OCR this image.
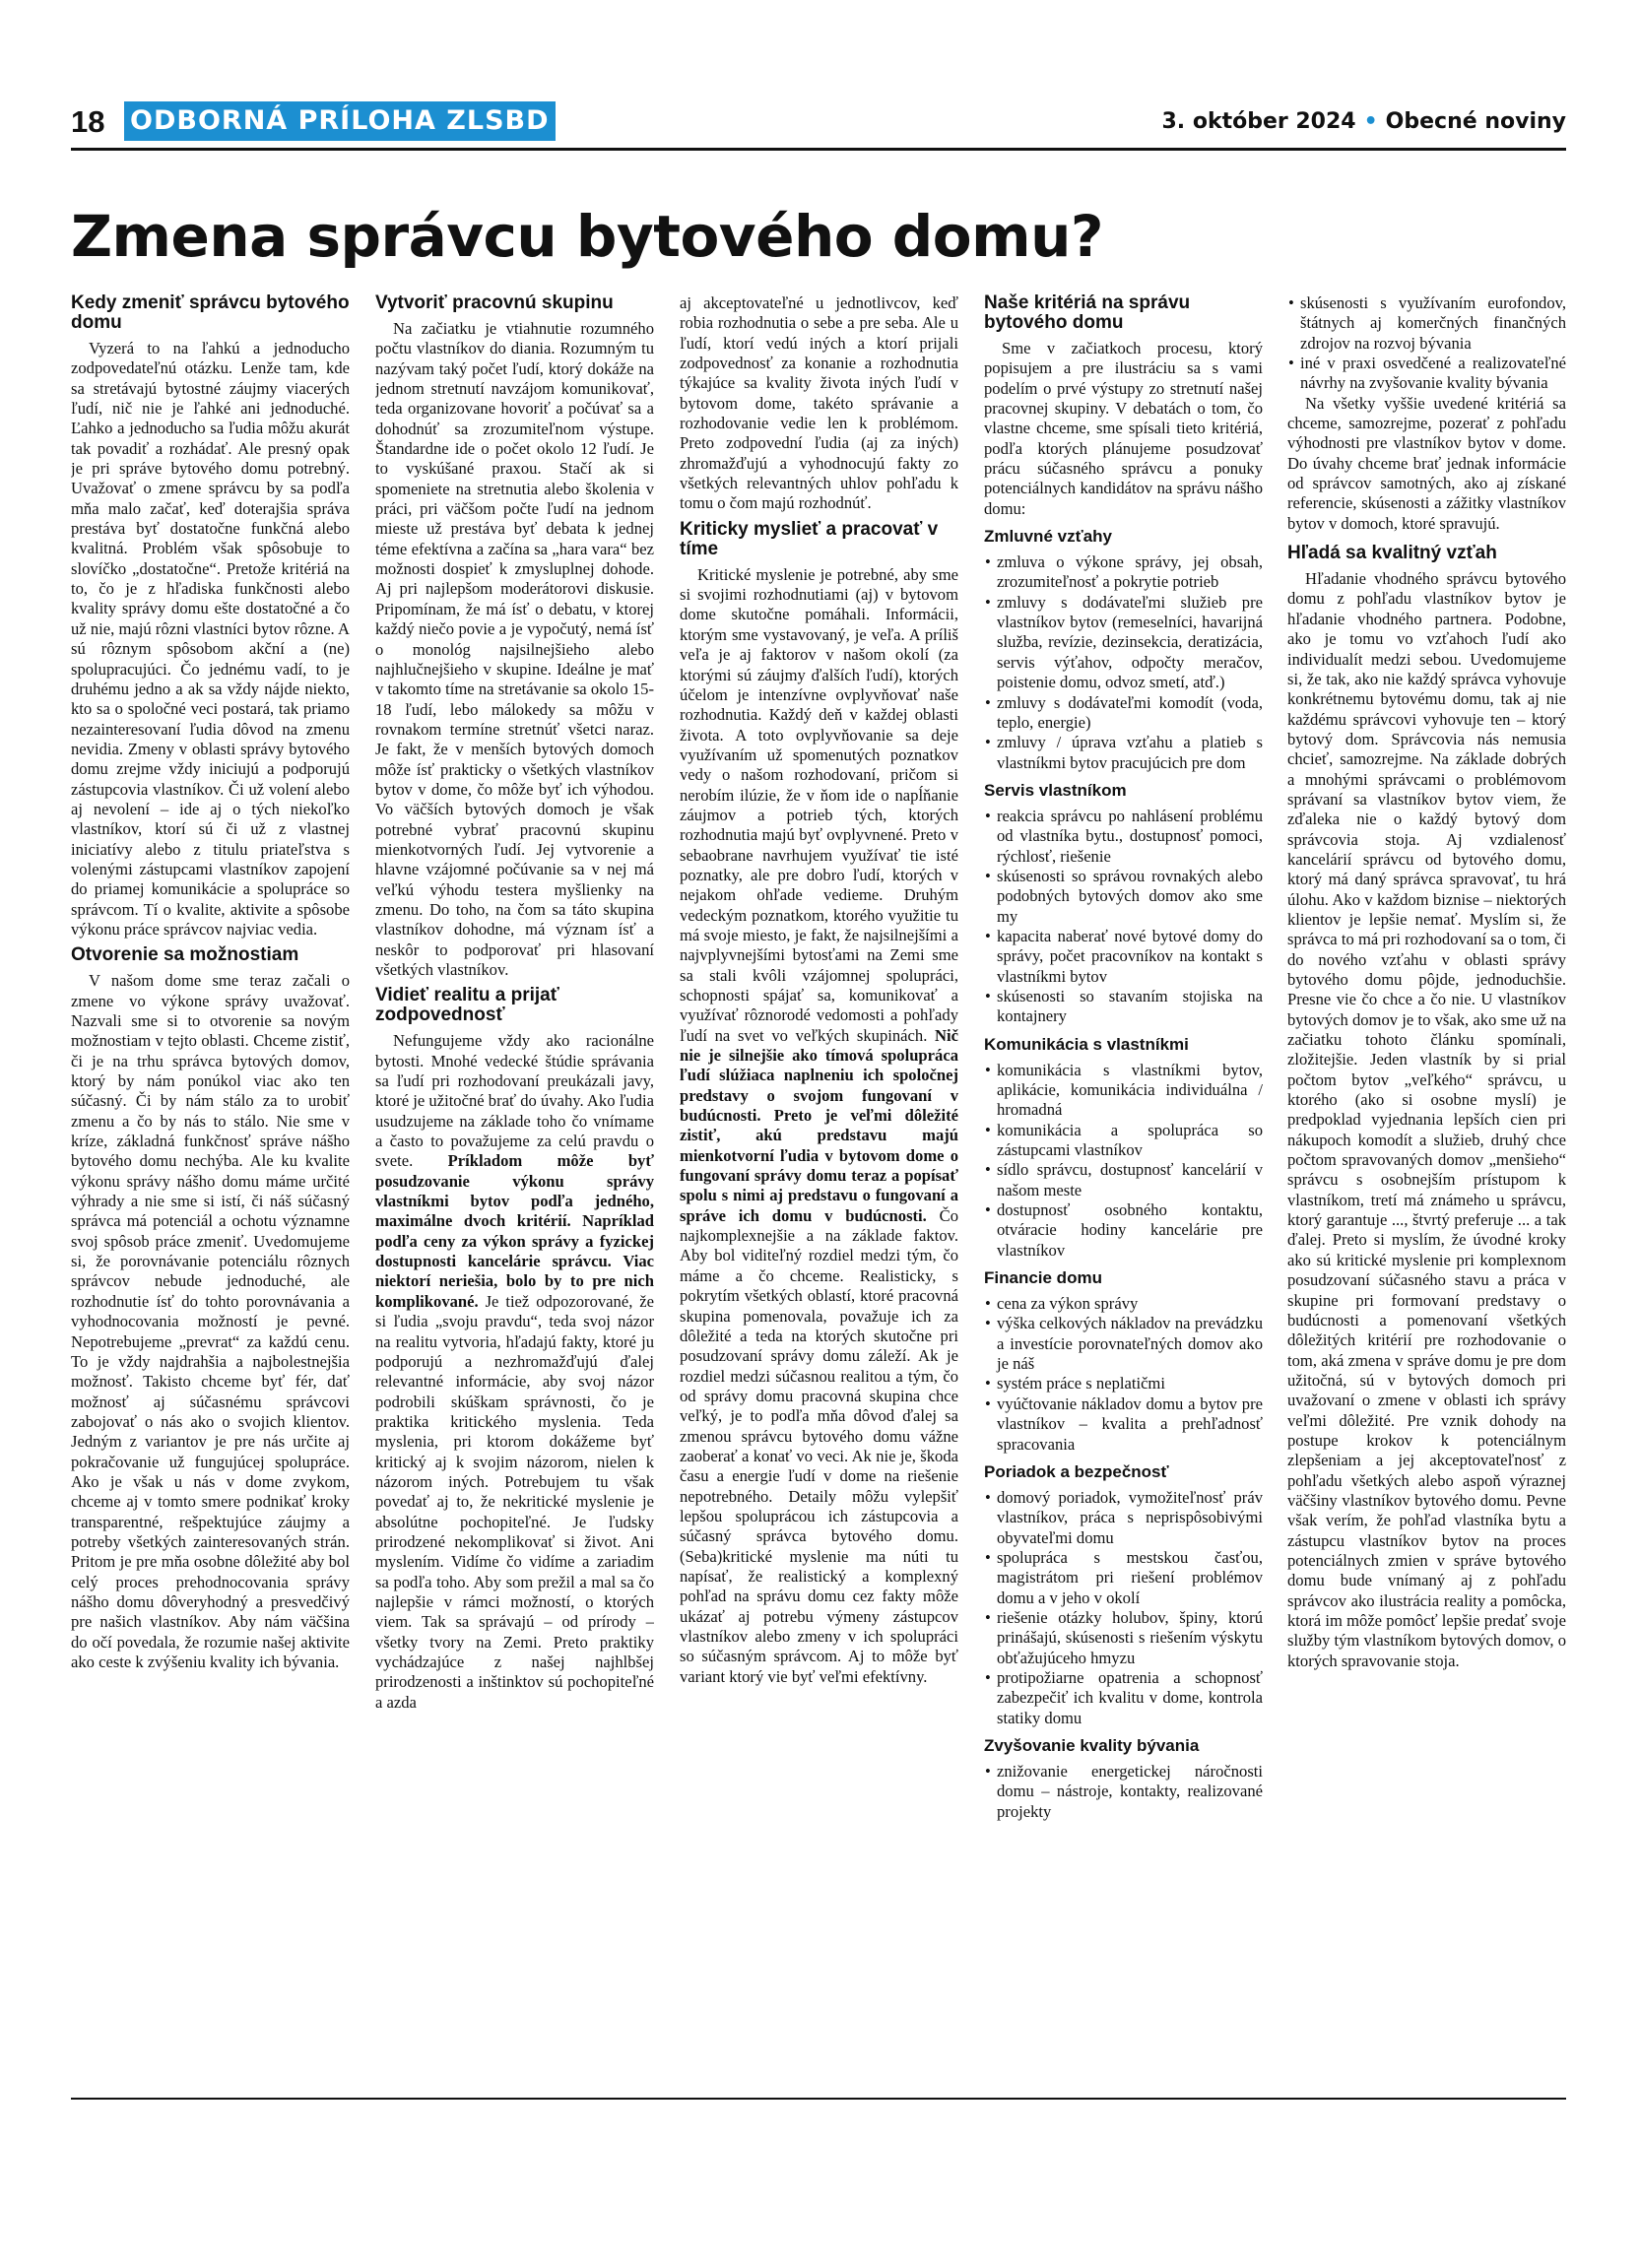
18 ODBORNÁ PRÍLOHA ZLSBD	3. október 2024 • Obecné noviny
Zmena správcu bytového domu?
Kedy zmeniť správcu bytového domu

Vyzerá to na ľahkú a jednoducho zodpovedateľnú otázku. Lenže tam, kde sa stretávajú bytostné záujmy viacerých ľudí, nič nie je ľahké ani jednoduché. Ľahko a jednoducho sa ľudia môžu akurát tak povadiť a rozhádať. Ale presný opak je pri správe bytového domu potrebný. Uvažovať o zmene správcu by sa podľa mňa malo začať, keď doterajšia správa prestáva byť dostatočne funkčná alebo kvalitná. Problém však spôsobuje to slovíčko „dostatočne“. Pretože kritériá na to, čo je z hľadiska funkčnosti alebo kvality správy domu ešte dostatočné a čo už nie, majú rôzni vlastníci bytov rôzne. A sú rôznym spôsobom akční a (ne) spolupracujúci. Čo jednému vadí, to je druhému jedno a ak sa vždy nájde niekto, kto sa o spoločné veci postará, tak priamo nezainteresovaní ľudia dôvod na zmenu nevidia. Zmeny v oblasti správy bytového domu zrejme vždy iniciujú a podporujú zástupcovia vlastníkov. Či už volení alebo aj nevolení – ide aj o tých niekoľko vlastníkov, ktorí sú či už z vlastnej iniciatívy alebo z titulu priateľstva s volenými zástupcami vlastníkov zapojení do priamej komunikácie a spolupráce so správcom. Tí o kvalite, aktivite a spôsobe výkonu práce správcov najviac vedia.

Otvorenie sa možnostiam

V našom dome sme teraz začali o zmene vo výkone správy uvažovať. Nazvali sme si to otvorenie sa novým možnostiam v tejto oblasti. Chceme zistiť, či je na trhu správca bytových domov, ktorý by nám ponúkol viac ako ten súčasný. Či by nám stálo za to urobiť zmenu a čo by nás to stálo. Nie sme v kríze, základná funkčnosť správe nášho bytového domu nechýba. Ale ku kvalite výkonu správy nášho domu máme určité výhrady a nie sme si istí, či náš súčasný správca má potenciál a ochotu významne svoj spôsob práce zmeniť. Uvedomujeme si, že porovnávanie potenciálu rôznych správcov nebude jednoduché, ale rozhodnutie ísť do tohto porovnávania a vyhodnocovania možností je pevné. Nepotrebujeme „prevrat“ za každú cenu. To je vždy najdrahšia a najbolestnejšia možnosť. Takisto chceme byť fér, dať možnosť aj súčasnému správcovi zabojovať o nás ako o svojich klientov. Jedným z variantov je pre nás určite aj pokračovanie už fungujúcej spolupráce. Ako je však u nás v dome zvykom, chceme aj v tomto smere podnikať kroky transparentné, rešpektujúce záujmy a potreby všetkých zainteresovaných strán. Pritom je pre mňa osobne dôležité aby bol celý proces prehodnocovania správy nášho domu dôveryhodný a presvedčivý pre našich vlastníkov. Aby nám väčšina do očí povedala, že rozumie našej aktivite ako ceste k zvýšeniu kvality ich bývania.

Vytvoriť pracovnú skupinu

Na začiatku je vtiahnutie rozumného počtu vlastníkov do diania. Rozumným tu nazývam taký počet ľudí, ktorý dokáže na jednom stretnutí navzájom komunikovať, teda organizovane hovoriť a počúvať sa a dohodnúť sa zrozumiteľnom výstupe. Štandardne ide o počet okolo 12 ľudí. Je to vyskúšané praxou. Stačí ak si spomeniete na stretnutia alebo školenia v práci, pri väčšom počte ľudí na jednom mieste už prestáva byť debata k jednej téme efektívna a začína sa „hara vara“ bez možnosti dospieť k zmysluplnej dohode. Aj pri najlepšom moderátorovi diskusie. Pripomínam, že má ísť o debatu, v ktorej každý niečo povie a je vypočutý, nemá ísť o monológ najsilnejšieho alebo najhlučnejšieho v skupine. Ideálne je mať v takomto tíme na stretávanie sa okolo 15-18 ľudí, lebo málokedy sa môžu v rovnakom termíne stretnúť všetci naraz. Je fakt, že v menších bytových domoch môže ísť prakticky o všetkých vlastníkov bytov v dome, čo môže byť ich výhodou. Vo väčších bytových domoch je však potrebné vybrať pracovnú skupinu mienkotvorných ľudí. Jej vytvorenie a hlavne vzájomné počúvanie sa v nej má veľkú výhodu testera myšlienky na zmenu. Do toho, na čom sa táto skupina vlastníkov dohodne, má význam ísť a neskôr to podporovať pri hlasovaní všetkých vlastníkov.

Vidieť realitu a prijať zodpovednosť

Nefungujeme vždy ako racionálne bytosti. Mnohé vedecké štúdie správania sa ľudí pri rozhodovaní preukázali javy, ktoré je užitočné brať do úvahy. Ako ľudia usudzujeme na základe toho čo vnímame a často to považujeme za celú pravdu o svete. Príkladom môže byť posudzovanie výkonu správy vlastníkmi bytov podľa jedného, maximálne dvoch kritérií. Napríklad podľa ceny za výkon správy a fyzickej dostupnosti kancelárie správcu. Viac niektorí neriešia, bolo by to pre nich komplikované. Je tiež odpozorované, že si ľudia „svoju pravdu“, teda svoj názor na realitu vytvoria, hľadajú fakty, ktoré ju podporujú a nezhromažďujú ďalej relevantné informácie, aby svoj názor podrobili skúškam správnosti, čo je praktika kritického myslenia. Teda myslenia, pri ktorom dokážeme byť kritický aj k svojim názorom, nielen k názorom iných. Potrebujem tu však povedať aj to, že nekritické myslenie je absolútne pochopiteľné. Je ľudsky prirodzené nekomplikovať si život. Ani myslením. Vidíme čo vidíme a zariadim sa podľa toho. Aby som prežil a mal sa čo najlepšie v rámci možností, o ktorých viem. Tak sa správajú – od prírody – všetky tvory na Zemi. Preto praktiky vychádzajúce z našej najhlbšej prirodzenosti a inštinktov sú pochopiteľné a azda

aj akceptovateľné u jednotlivcov, keď robia rozhodnutia o sebe a pre seba. Ale u ľudí, ktorí vedú iných a ktorí prijali zodpovednosť za konanie a rozhodnutia týkajúce sa kvality života iných ľudí v bytovom dome, takéto správanie a rozhodovanie vedie len k problémom. Preto zodpovední ľudia (aj za iných) zhromažďujú a vyhodnocujú fakty zo všetkých relevantných uhlov pohľadu k tomu o čom majú rozhodnúť.

Kriticky myslieť a pracovať v tíme

Kritické myslenie je potrebné, aby sme si svojimi rozhodnutiami (aj) v bytovom dome skutočne pomáhali. Informácii, ktorým sme vystavovaný, je veľa. A príliš veľa je aj faktorov v našom okolí (za ktorými sú záujmy ďalších ľudí), ktorých účelom je intenzívne ovplyvňovať naše rozhodnutia. Každý deň v každej oblasti života. A toto ovplyvňovanie sa deje využívaním už spomenutých poznatkov vedy o našom rozhodovaní, pričom si nerobím ilúzie, že v ňom ide o napĺňanie záujmov a potrieb tých, ktorých rozhodnutia majú byť ovplyvnené. Preto v sebaobrane navrhujem využívať tie isté poznatky, ale pre dobro ľudí, ktorých v nejakom ohľade vedieme. Druhým vedeckým poznatkom, ktorého využitie tu má svoje miesto, je fakt, že najsilnejšími a najvplyvnejšími bytosťami na Zemi sme sa stali kvôli vzájomnej spolupráci, schopnosti spájať sa, komunikovať a využívať rôznorodé vedomosti a pohľady ľudí na svet vo veľkých skupinách. Nič nie je silnejšie ako tímová spolupráca ľudí slúžiaca naplneniu ich spoločnej predstavy o svojom fungovaní v budúcnosti. Preto je veľmi dôležité zistiť, akú predstavu majú mienkotvorní ľudia v bytovom dome o fungovaní správy domu teraz a popísať spolu s nimi aj predstavu o fungovaní a správe ich domu v budúcnosti. Čo najkomplexnejšie a na základe faktov. Aby bol viditeľný rozdiel medzi tým, čo máme a čo chceme. Realisticky, s pokrytím všetkých oblastí, ktoré pracovná skupina pomenovala, považuje ich za dôležité a teda na ktorých skutočne pri posudzovaní správy domu záleží. Ak je rozdiel medzi súčasnou realitou a tým, čo od správy domu pracovná skupina chce veľký, je to podľa mňa dôvod ďalej sa zmenou správcu bytového domu vážne zaoberať a konať vo veci. Ak nie je, škoda času a energie ľudí v dome na riešenie nepotrebného. Detaily môžu vylepšiť lepšou spoluprácou ich zástupcovia a súčasný správca bytového domu. (Seba)kritické myslenie ma núti tu napísať, že realistický a komplexný pohľad na správu domu cez fakty môže ukázať aj potrebu výmeny zástupcov vlastníkov alebo zmeny v ich spolupráci so súčasným správcom. Aj to môže byť variant ktorý vie byť veľmi efektívny.

Naše kritériá na správu bytového domu

Sme v začiatkoch procesu, ktorý popisujem a pre ilustráciu sa s vami podelím o prvé výstupy zo stretnutí našej pracovnej skupiny. V debatách o tom, čo vlastne chceme, sme spísali tieto kritériá, podľa ktorých plánujeme posudzovať prácu súčasného správcu a ponuky potenciálnych kandidátov na správu nášho domu:

Zmluvné vzťahy
• zmluva o výkone správy, jej obsah, zrozumiteľnosť a pokrytie potrieb
• zmluvy s dodávateľmi služieb pre vlastníkov bytov (remeselníci, havarijná služba, revízie, dezinsekcia, deratizácia, servis výťahov, odpočty meračov, poistenie domu, odvoz smetí, atď.)
• zmluvy s dodávateľmi komodít (voda, teplo, energie)
• zmluvy / úprava vzťahu a platieb s vlastníkmi bytov pracujúcich pre dom
Servis vlastníkom
• reakcia správcu po nahlásení problému od vlastníka bytu., dostupnosť pomoci, rýchlosť, riešenie
• skúsenosti so správou rovnakých alebo podobných bytových domov ako sme my
• kapacita naberať nové bytové domy do správy, počet pracovníkov na kontakt s vlastníkmi bytov
• skúsenosti so stavaním stojiska na kontajnery
Komunikácia s vlastníkmi
• komunikácia s vlastníkmi bytov, aplikácie, komunikácia individuálna / hromadná
• komunikácia a spolupráca so zástupcami vlastníkov
• sídlo správcu, dostupnosť kancelárií v našom meste
• dostupnosť osobného kontaktu, otváracie hodiny kancelárie pre vlastníkov
Financie domu
• cena za výkon správy
• výška celkových nákladov na prevádzku a investície porovnateľných domov ako je náš
• systém práce s neplatičmi
• vyúčtovanie nákladov domu a bytov pre vlastníkov – kvalita a prehľadnosť spracovania
Poriadok a bezpečnosť
• domový poriadok, vymožiteľnosť práv vlastníkov, práca s neprispôsobivými obyvateľmi domu
• spolupráca s mestskou časťou, magistrátom pri riešení problémov domu a v jeho v okolí
• riešenie otázky holubov, špiny, ktorú prinášajú, skúsenosti s riešením výskytu obťažujúceho hmyzu
• protipožiarne opatrenia a schopnosť zabezpečiť ich kvalitu v dome, kontrola statiky domu
Zvyšovanie kvality bývania
• znižovanie energetickej náročnosti domu – nástroje, kontakty, realizované projekty
• skúsenosti s využívaním eurofondov, štátnych aj komerčných finančných zdrojov na rozvoj bývania
• iné v praxi osvedčené a realizovateľné návrhy na zvyšovanie kvality bývania

Na všetky vyššie uvedené kritériá sa chceme, samozrejme, pozerať z pohľadu výhodnosti pre vlastníkov bytov v dome. Do úvahy chceme brať jednak informácie od správcov samotných, ako aj získané referencie, skúsenosti a zážitky vlastníkov bytov v domoch, ktoré spravujú.

Hľadá sa kvalitný vzťah

Hľadanie vhodného správcu bytového domu z pohľadu vlastníkov bytov je hľadanie vhodného partnera. Podobne, ako je tomu vo vzťahoch ľudí ako individualít medzi sebou. Uvedomujeme si, že tak, ako nie každý správca vyhovuje konkrétnemu bytovému domu, tak aj nie každému správcovi vyhovuje ten – ktorý bytový dom. Správcovia nás nemusia chcieť, samozrejme. Na základe dobrých a mnohými správcami o problémovom správaní sa vlastníkov bytov viem, že zďaleka nie o každý bytový dom správcovia stoja. Aj vzdialenosť kancelárií správcu od bytového domu, ktorý má daný správca spravovať, tu hrá úlohu. Ako v každom biznise – niektorých klientov je lepšie nemať. Myslím si, že správca to má pri rozhodovaní sa o tom, či do nového vzťahu v oblasti správy bytového domu pôjde, jednoduchšie. Presne vie čo chce a čo nie. U vlastníkov bytových domov je to však, ako sme už na začiatku tohoto článku spomínali, zložitejšie. Jeden vlastník by si prial počtom bytov „veľkého“ správcu, u ktorého (ako si osobne myslí) je predpoklad vyjednania lepších cien pri nákupoch komodít a služieb, druhý chce počtom spravovaných domov „menšieho“ správcu s osobnejším prístupom k vlastníkom, tretí má známeho u správcu, ktorý garantuje ..., štvrtý preferuje ... a tak ďalej. Preto si myslím, že úvodné kroky ako sú kritické myslenie pri komplexnom posudzovaní súčasného stavu a práca v skupine pri formovaní predstavy o budúcnosti a pomenovaní všetkých dôležitých kritérií pre rozhodovanie o tom, aká zmena v správe domu je pre dom užitočná, sú v bytových domoch pri uvažovaní o zmene v oblasti ich správy veľmi dôležité. Pre vznik dohody na postupe krokov k potenciálnym zlepšeniam a jej akceptovateľnosť z pohľadu všetkých alebo aspoň výraznej väčšiny vlastníkov bytového domu. Pevne však verím, že pohľad vlastníka bytu a zástupcu vlastníkov bytov na proces potenciálnych zmien v správe bytového domu bude vnímaný aj z pohľadu správcov ako ilustrácia reality a pomôcka, ktorá im môže pomôcť lepšie predať svoje služby tým vlastníkom bytových domov, o ktorých spravovanie stoja.
